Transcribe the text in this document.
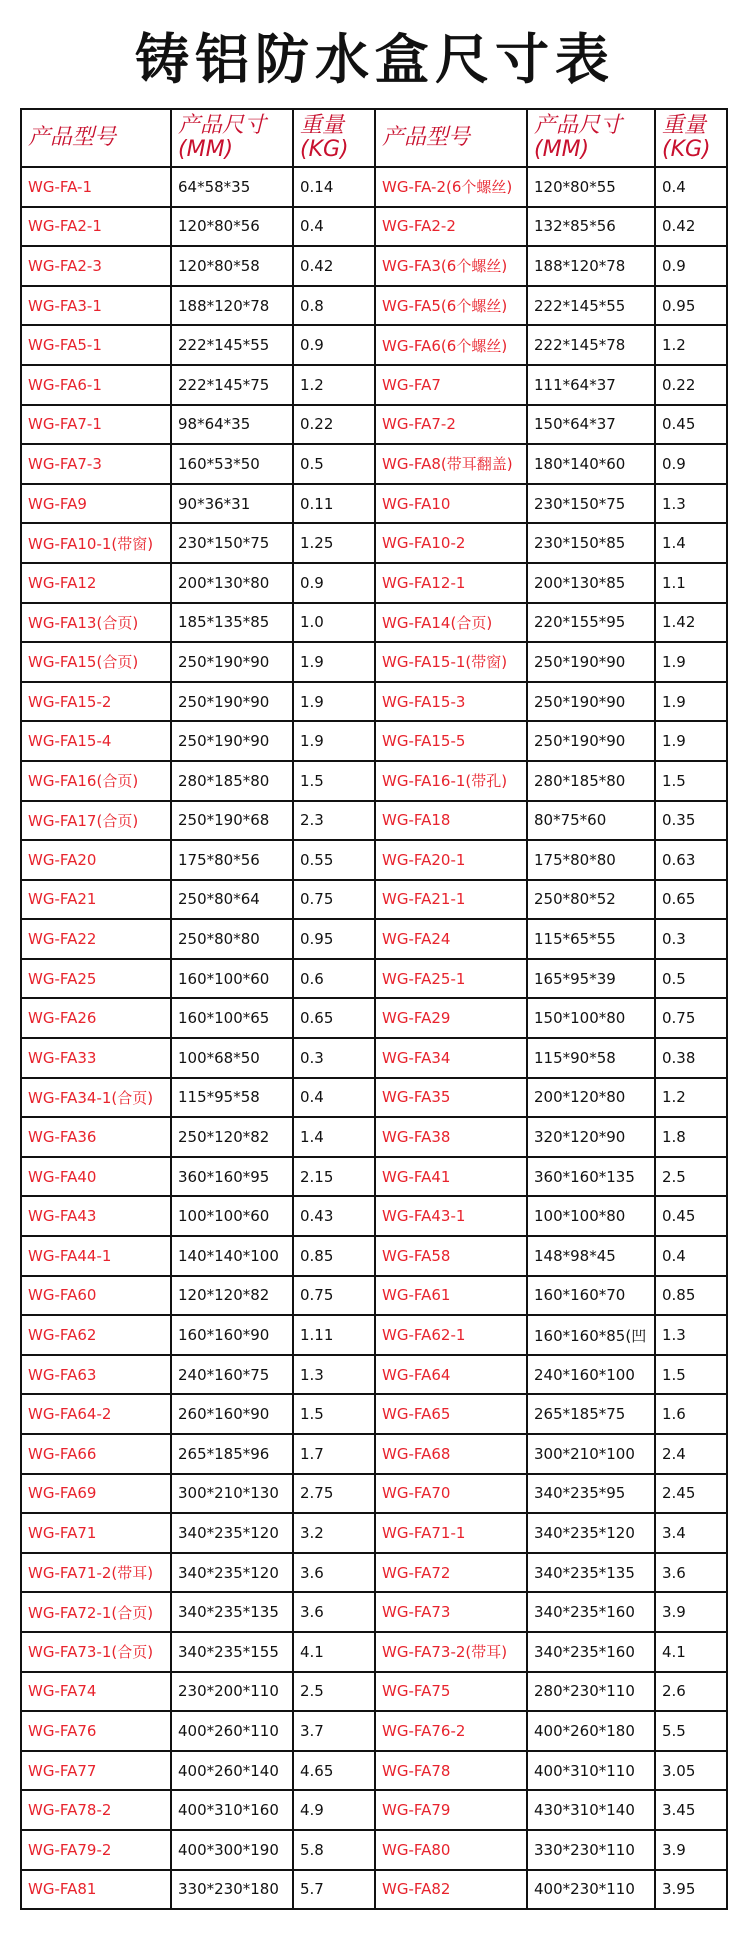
铸铝防水盒尺寸表
产品型号	产品尺寸(MM)	重量(KG)	产品型号	产品尺寸(MM)	重量(KG)
WG-FA-1	64*58*35	0.14	WG-FA-2(6个螺丝)	120*80*55	0.4
WG-FA2-1	120*80*56	0.4	WG-FA2-2	132*85*56	0.42
WG-FA2-3	120*80*58	0.42	WG-FA3(6个螺丝)	188*120*78	0.9
WG-FA3-1	188*120*78	0.8	WG-FA5(6个螺丝)	222*145*55	0.95
WG-FA5-1	222*145*55	0.9	WG-FA6(6个螺丝)	222*145*78	1.2
WG-FA6-1	222*145*75	1.2	WG-FA7	111*64*37	0.22
WG-FA7-1	98*64*35	0.22	WG-FA7-2	150*64*37	0.45
WG-FA7-3	160*53*50	0.5	WG-FA8(带耳翻盖)	180*140*60	0.9
WG-FA9	90*36*31	0.11	WG-FA10	230*150*75	1.3
WG-FA10-1(带窗)	230*150*75	1.25	WG-FA10-2	230*150*85	1.4
WG-FA12	200*130*80	0.9	WG-FA12-1	200*130*85	1.1
WG-FA13(合页)	185*135*85	1.0	WG-FA14(合页)	220*155*95	1.42
WG-FA15(合页)	250*190*90	1.9	WG-FA15-1(带窗)	250*190*90	1.9
WG-FA15-2	250*190*90	1.9	WG-FA15-3	250*190*90	1.9
WG-FA15-4	250*190*90	1.9	WG-FA15-5	250*190*90	1.9
WG-FA16(合页)	280*185*80	1.5	WG-FA16-1(带孔)	280*185*80	1.5
WG-FA17(合页)	250*190*68	2.3	WG-FA18	80*75*60	0.35
WG-FA20	175*80*56	0.55	WG-FA20-1	175*80*80	0.63
WG-FA21	250*80*64	0.75	WG-FA21-1	250*80*52	0.65
WG-FA22	250*80*80	0.95	WG-FA24	115*65*55	0.3
WG-FA25	160*100*60	0.6	WG-FA25-1	165*95*39	0.5
WG-FA26	160*100*65	0.65	WG-FA29	150*100*80	0.75
WG-FA33	100*68*50	0.3	WG-FA34	115*90*58	0.38
WG-FA34-1(合页)	115*95*58	0.4	WG-FA35	200*120*80	1.2
WG-FA36	250*120*82	1.4	WG-FA38	320*120*90	1.8
WG-FA40	360*160*95	2.15	WG-FA41	360*160*135	2.5
WG-FA43	100*100*60	0.43	WG-FA43-1	100*100*80	0.45
WG-FA44-1	140*140*100	0.85	WG-FA58	148*98*45	0.4
WG-FA60	120*120*82	0.75	WG-FA61	160*160*70	0.85
WG-FA62	160*160*90	1.11	WG-FA62-1	160*160*85(凹	1.3
WG-FA63	240*160*75	1.3	WG-FA64	240*160*100	1.5
WG-FA64-2	260*160*90	1.5	WG-FA65	265*185*75	1.6
WG-FA66	265*185*96	1.7	WG-FA68	300*210*100	2.4
WG-FA69	300*210*130	2.75	WG-FA70	340*235*95	2.45
WG-FA71	340*235*120	3.2	WG-FA71-1	340*235*120	3.4
WG-FA71-2(带耳)	340*235*120	3.6	WG-FA72	340*235*135	3.6
WG-FA72-1(合页)	340*235*135	3.6	WG-FA73	340*235*160	3.9
WG-FA73-1(合页)	340*235*155	4.1	WG-FA73-2(带耳)	340*235*160	4.1
WG-FA74	230*200*110	2.5	WG-FA75	280*230*110	2.6
WG-FA76	400*260*110	3.7	WG-FA76-2	400*260*180	5.5
WG-FA77	400*260*140	4.65	WG-FA78	400*310*110	3.05
WG-FA78-2	400*310*160	4.9	WG-FA79	430*310*140	3.45
WG-FA79-2	400*300*190	5.8	WG-FA80	330*230*110	3.9
WG-FA81	330*230*180	5.7	WG-FA82	400*230*110	3.95
